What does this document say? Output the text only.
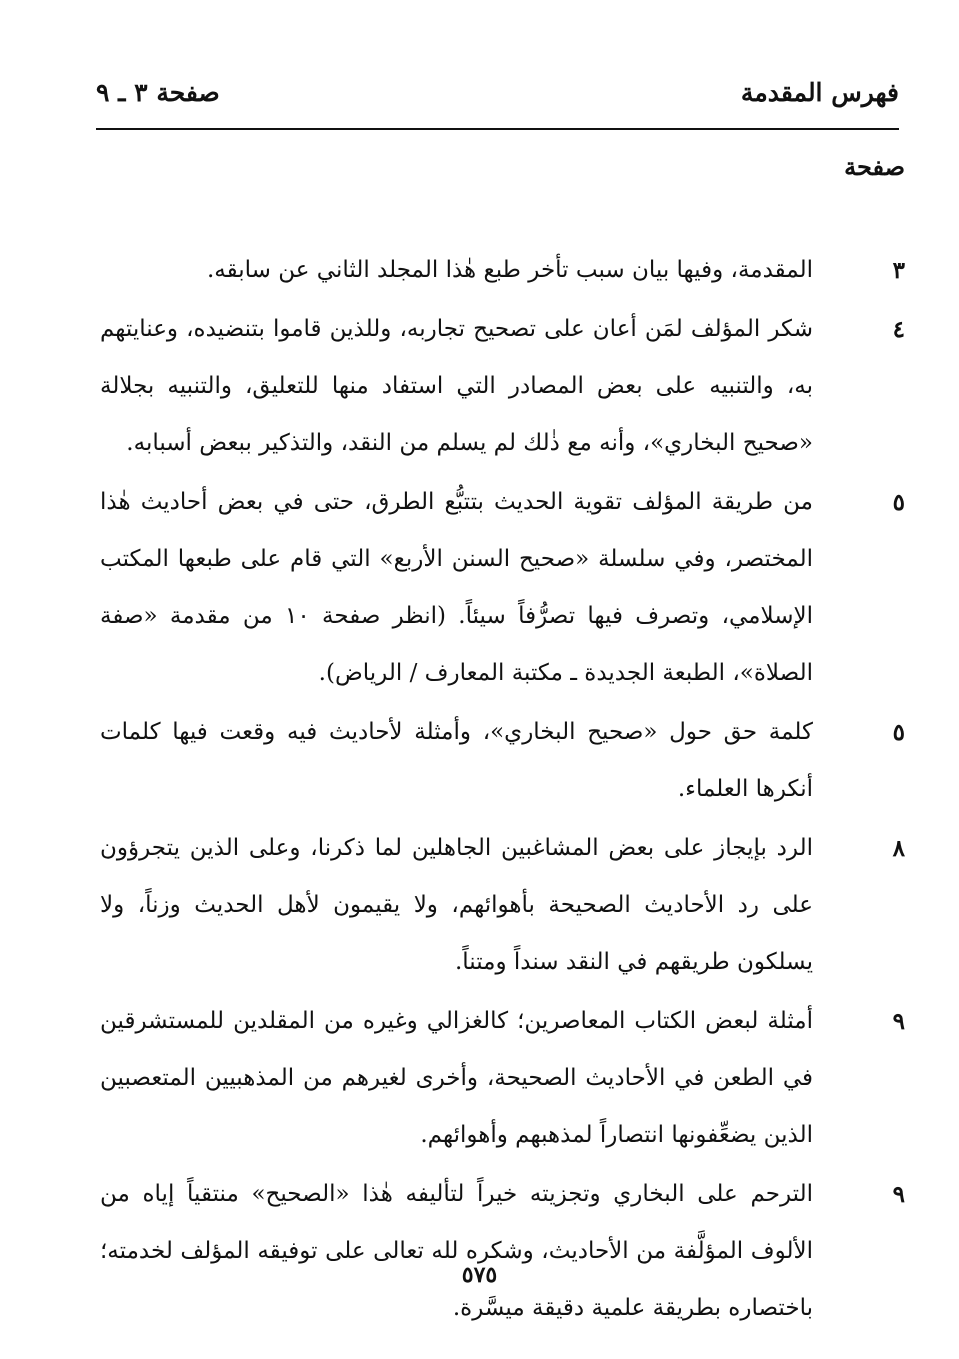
فهرس المقدمة
صفحة ٣ ـ ٩
صفحة
٣
المقدمة، وفيها بيان سبب تأخر طبع هٰذا المجلد الثاني عن سابقه.
٤
شكر المؤلف لمَن أعان على تصحيح تجاربه، وللذين قاموا بتنضيده، وعنايتهم به، والتنبيه على بعض المصادر التي استفاد منها للتعليق، والتنبيه بجلالة «صحيح البخاري»، وأنه مع ذٰلك لم يسلم من النقد، والتذكير ببعض أسبابه.
٥
من طريقة المؤلف تقوية الحديث بتتبُّع الطرق، حتى في بعض أحاديث هٰذا المختصر، وفي سلسلة «صحيح السنن الأربع» التي قام على طبعها المكتب الإسلامي، وتصرف فيها تصرُّفاً سيئاً. (انظر صفحة ١٠ من مقدمة «صفة الصلاة»، الطبعة الجديدة ـ مكتبة المعارف / الرياض).
٥
كلمة حق حول «صحيح البخاري»، وأمثلة لأحاديث فيه وقعت فيها كلمات أنكرها العلماء.
٨
الرد بإيجاز على بعض المشاغبين الجاهلين لما ذكرنا، وعلى الذين يتجرؤون على رد الأحاديث الصحيحة بأهوائهم، ولا يقيمون لأهل الحديث وزناً، ولا يسلكون طريقهم في النقد سنداً ومتناً.
٩
أمثلة لبعض الكتاب المعاصرين؛ كالغزالي وغيره من المقلدين للمستشرقين في الطعن في الأحاديث الصحيحة، وأخرى لغيرهم من المذهبيين المتعصبين الذين يضعِّفونها انتصاراً لمذهبهم وأهوائهم.
٩
الترحم على البخاري وتجزيته خيراً لتأليفه هٰذا «الصحيح» منتقياً إياه من الألوف المؤلَّفة من الأحاديث، وشكره لله تعالى على توفيقه المؤلف لخدمته؛ باختصاره بطريقة علمية دقيقة ميسَّرة.
٥٧٥
